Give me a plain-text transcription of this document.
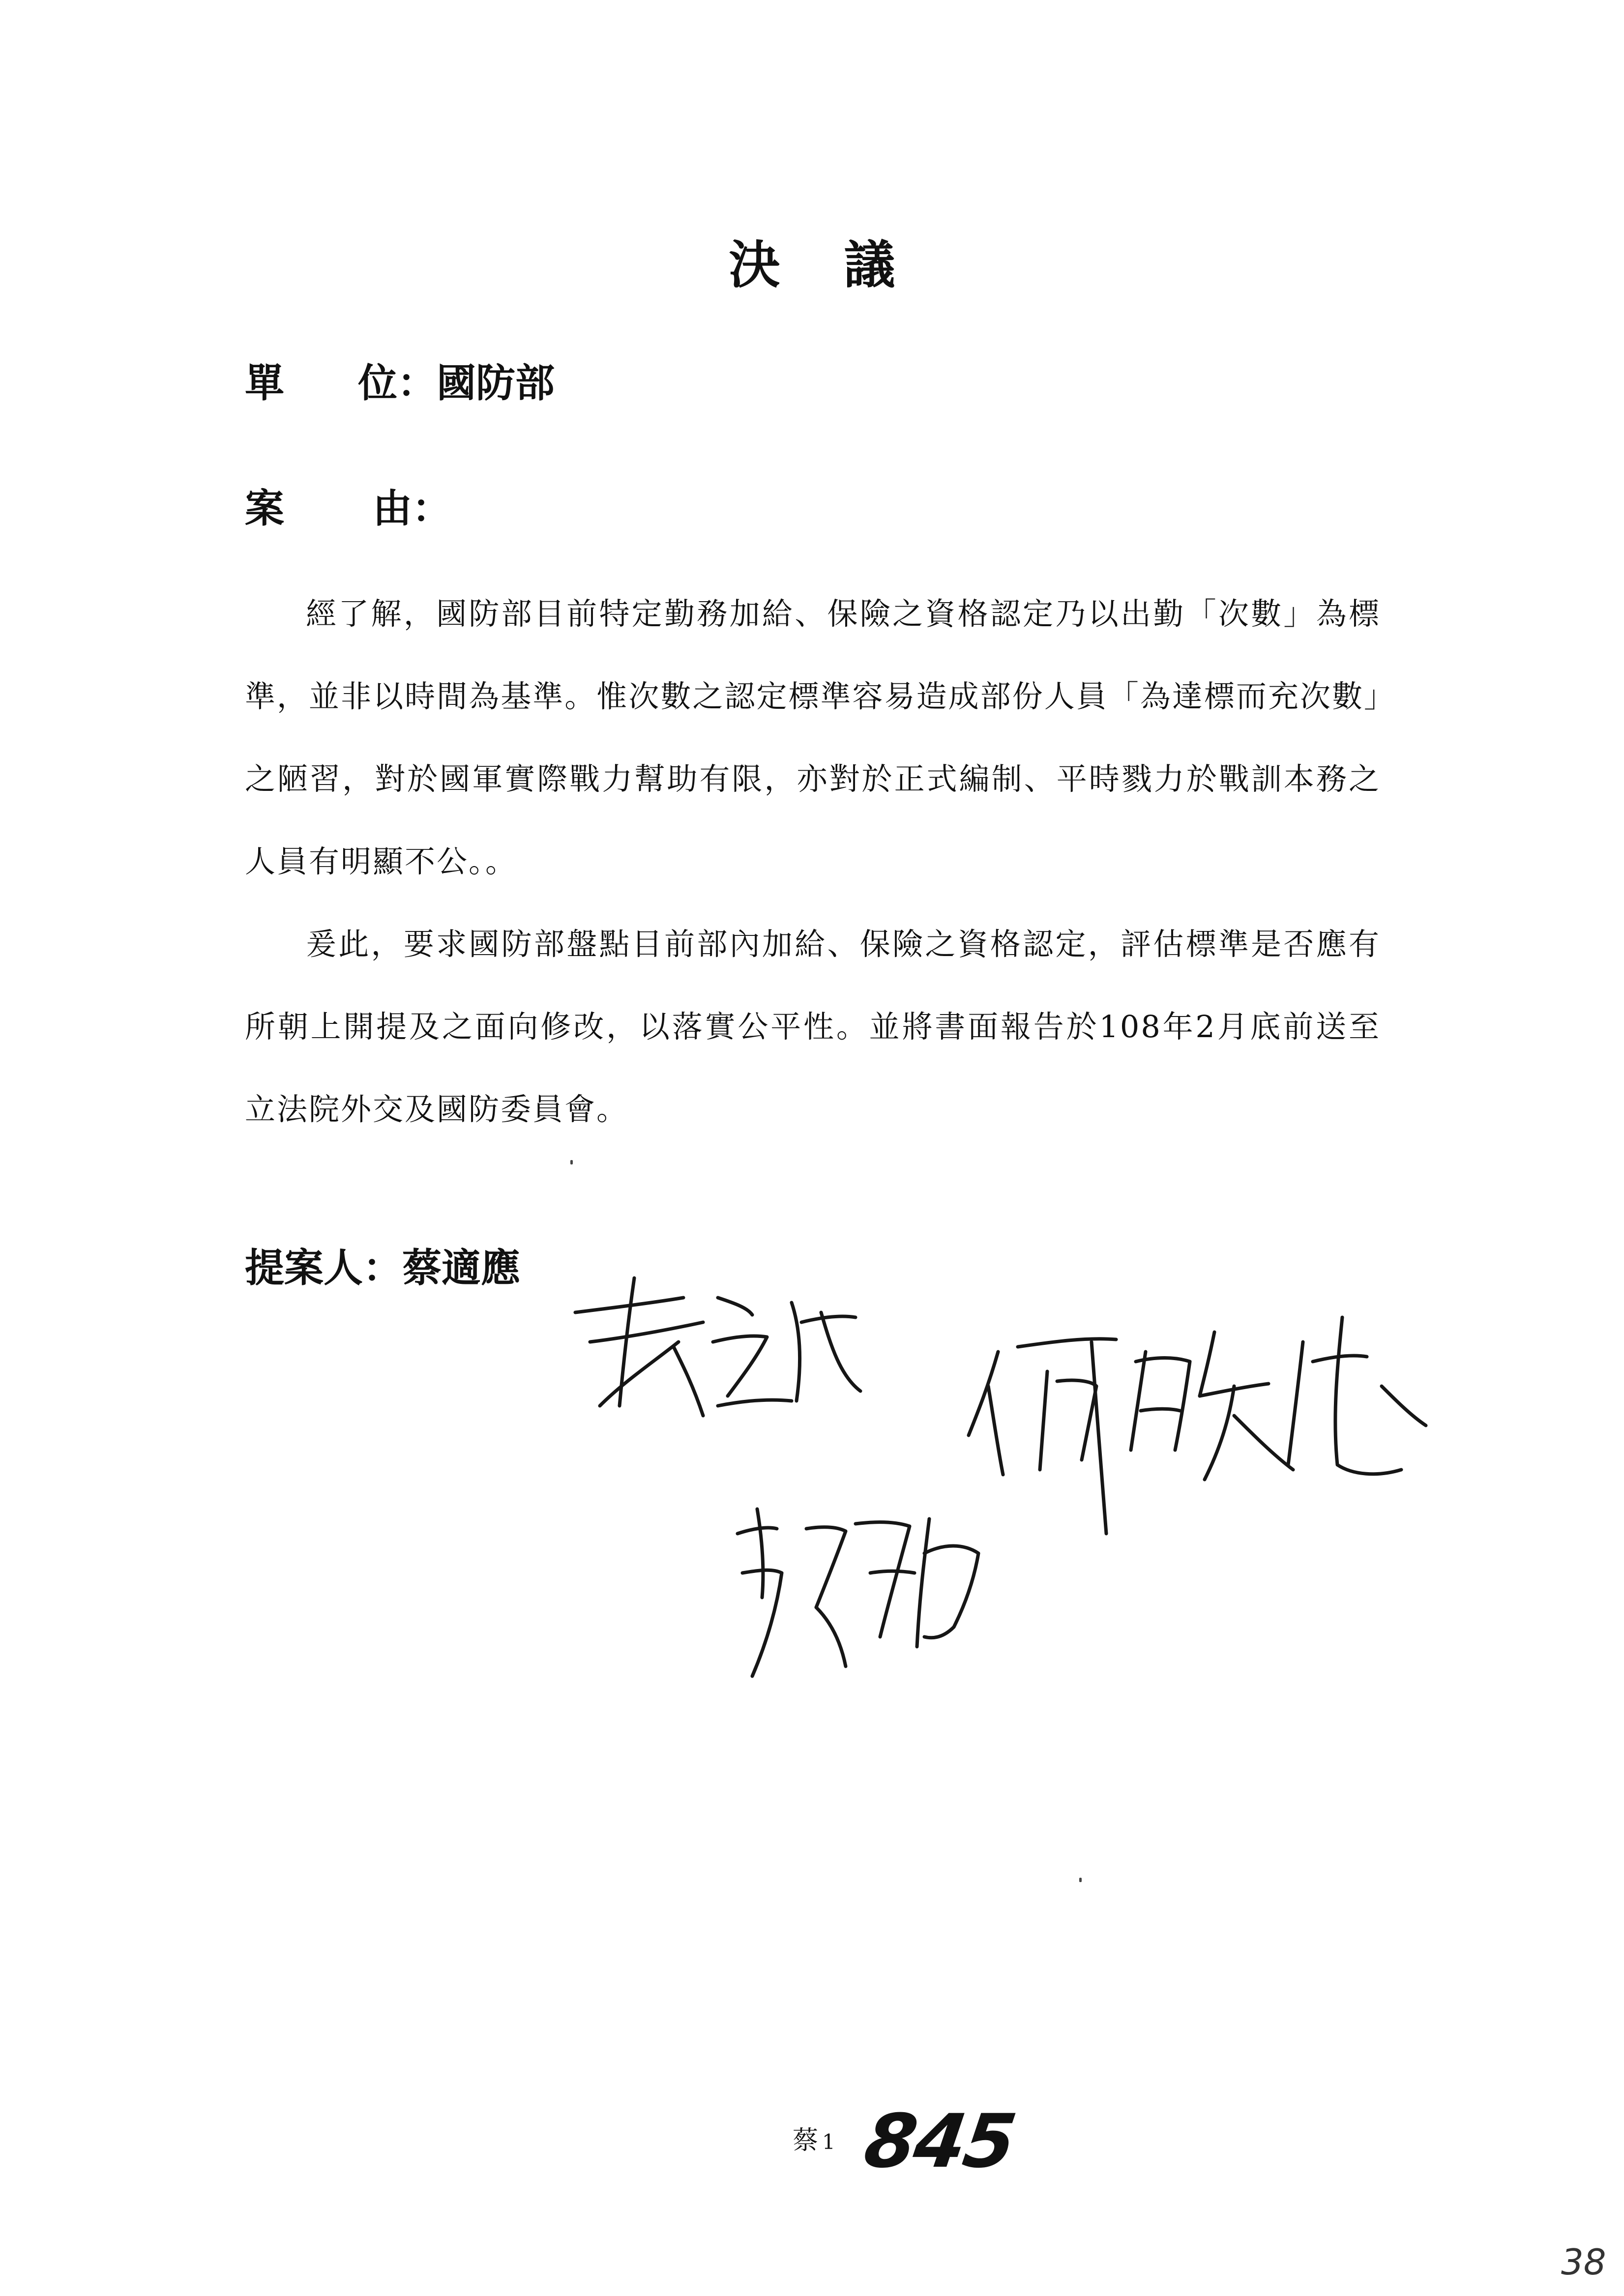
決 議
單 位：國防部
案 由：
經了解，國防部目前特定勤務加給、保險之資格認定乃以出勤「次數」為標準，並非以時間為基準。惟次數之認定標準容易造成部份人員「為達標而充次數」之陋習，對於國軍實際戰力幫助有限，亦對於正式編制、平時戮力於戰訓本務之人員有明顯不公。。
爰此，要求國防部盤點目前部內加給、保險之資格認定，評估標準是否應有所朝上開提及之面向修改，以落實公平性。並將書面報告於108年2月底前送至立法院外交及國防委員會。
提案人：蔡適應
蔡 1 845
38
